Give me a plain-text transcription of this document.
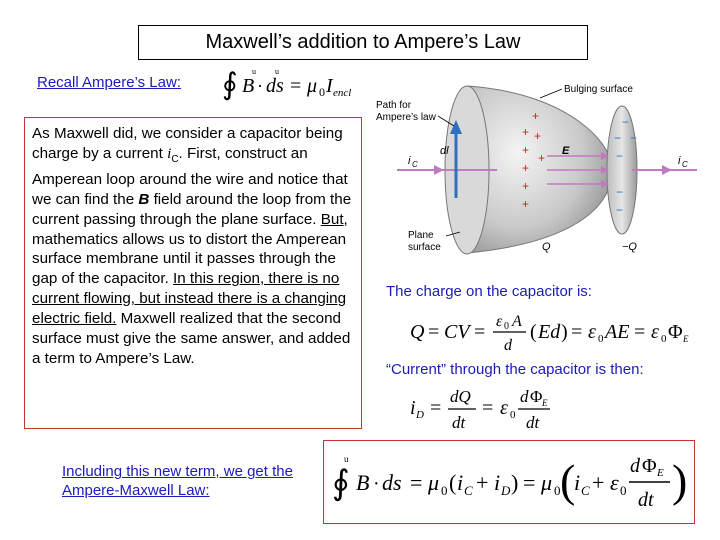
Maxwell’s addition to Ampere’s Law
Recall Ampere’s Law: ∮ B · ds = μ 0 I encl
u u
As Maxwell did, we consider a capacitor being charge by a current $i_C$. First, construct an Amperean loop around the wire and notice that we can find the B field around the loop from the current passing through the plane surface. But, mathematics allows us to distort the Amperean surface membrane until it passes through the gap of the capacitor. In this region, there is no current flowing, but instead there is a changing electric field. Maxwell realized that the second surface must give the same answer, and added a term to Ampere’s Law.
Including this new term, we get the Ampere-Maxwell Law:	∮
u
B · ds = μ 0 ( i C + i D ) = μ 0 (
i C + ε 0
d Φ E
dt )
+
+ +
+
+
+
+
+
−
− −
−
−
−
Bulging surface
Path for
Ampere’s law
dl
i C	i C
E
Plane
surface	Q	−Q
The charge on the capacitor is:
Q = CV = ε 0 A
d
( Ed ) = ε 0 AE = ε 0 Φ E
“Current” through the capacitor is then:
i D =
dQ
dt
= ε 0
d Φ E
dt
